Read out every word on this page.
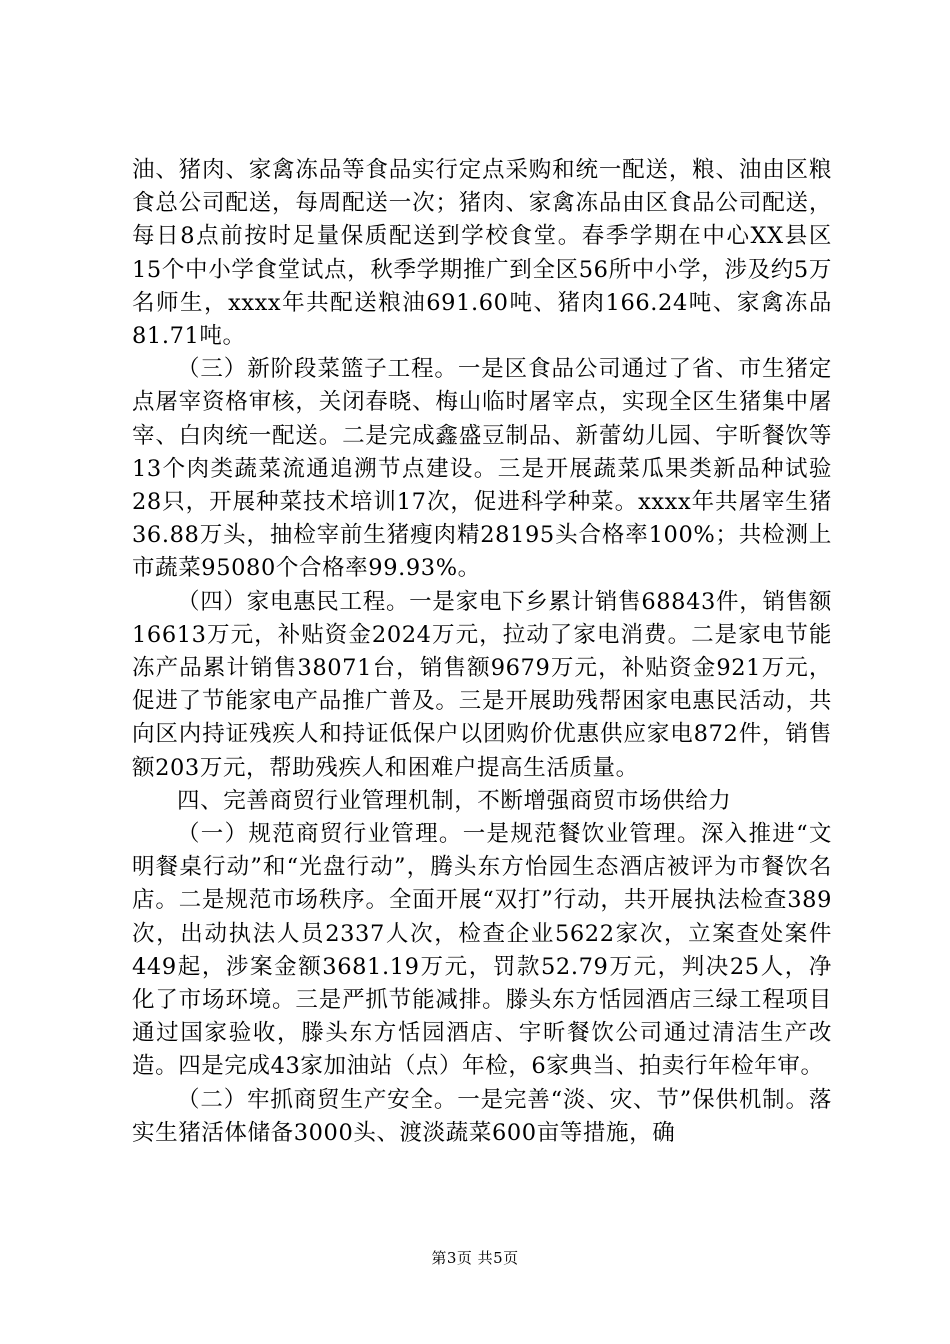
油、猪肉、家禽冻品等食品实行定点采购和统一配送，粮、油由区粮食总公司配送，每周配送一次；猪肉、家禽冻品由区食品公司配送，每日8点前按时足量保质配送到学校食堂。春季学期在中心XX县区15个中小学食堂试点，秋季学期推广到全区56所中小学，涉及约5万名师生，xxxx年共配送粮油691.60吨、猪肉166.24吨、家禽冻品81.71吨。

（三）新阶段菜篮子工程。一是区食品公司通过了省、市生猪定点屠宰资格审核，关闭春晓、梅山临时屠宰点，实现全区生猪集中屠宰、白肉统一配送。二是完成鑫盛豆制品、新蕾幼儿园、宇昕餐饮等13个肉类蔬菜流通追溯节点建设。三是开展蔬菜瓜果类新品种试验28只，开展种菜技术培训17次，促进科学种菜。xxxx年共屠宰生猪36.88万头，抽检宰前生猪瘦肉精28195头合格率100%；共检测上市蔬菜95080个合格率99.93%。

（四）家电惠民工程。一是家电下乡累计销售68843件，销售额16613万元，补贴资金2024万元，拉动了家电消费。二是家电节能冻产品累计销售38071台，销售额9679万元，补贴资金921万元，促进了节能家电产品推广普及。三是开展助残帮困家电惠民活动，共向区内持证残疾人和持证低保户以团购价优惠供应家电872件，销售额203万元，帮助残疾人和困难户提高生活质量。

四、完善商贸行业管理机制，不断增强商贸市场供给力

（一）规范商贸行业管理。一是规范餐饮业管理。深入推进“文明餐桌行动”和“光盘行动”，腾头东方怡园生态酒店被评为市餐饮名店。二是规范市场秩序。全面开展“双打”行动，共开展执法检查389次，出动执法人员2337人次，检查企业5622家次，立案查处案件449起，涉案金额3681.19万元，罚款52.79万元，判决25人，净化了市场环境。三是严抓节能减排。滕头东方恬园酒店三绿工程项目通过国家验收，滕头东方恬园酒店、宇昕餐饮公司通过清洁生产改造。四是完成43家加油站（点）年检，6家典当、拍卖行年检年审。

（二）牢抓商贸生产安全。一是完善“淡、灾、节”保供机制。落实生猪活体储备3000头、渡淡蔬菜600亩等措施，确

第3页 共5页
